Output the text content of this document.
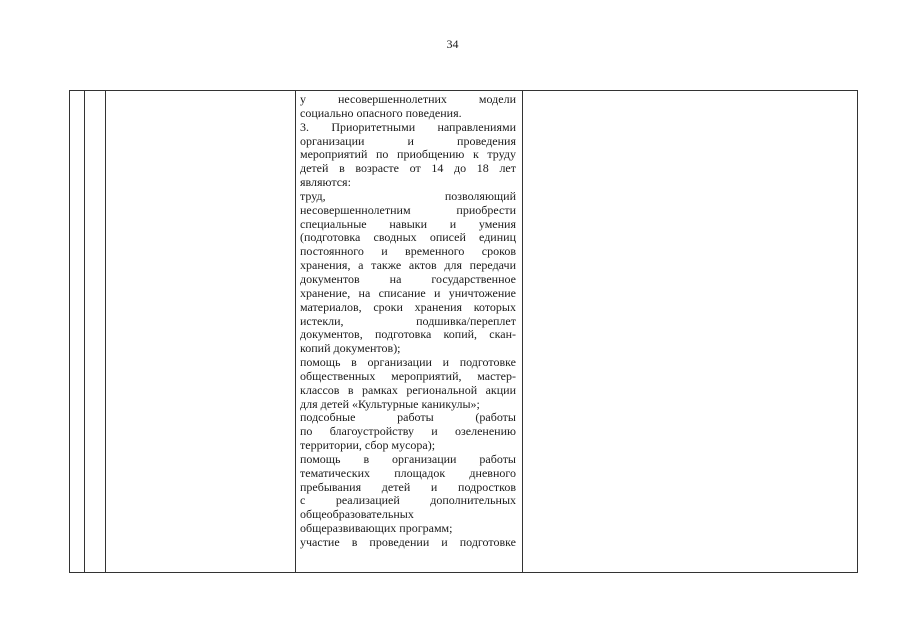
34
у несовершеннолетних модели
социально опасного поведения.
3. Приоритетными направлениями
организации и проведения
мероприятий по приобщению к труду
детей в возрасте от 14 до 18 лет
являются:
труд, позволяющий
несовершеннолетним приобрести
специальные навыки и умения
(подготовка сводных описей единиц
постоянного и временного сроков
хранения, а также актов для передачи
документов на государственное
хранение, на списание и уничтожение
материалов, сроки хранения которых
истекли, подшивка/переплет
документов, подготовка копий, скан-
копий документов);
помощь в организации и подготовке
общественных мероприятий, мастер-
классов в рамках региональной акции
для детей «Культурные каникулы»;
подсобные работы (работы
по благоустройству и озеленению
территории, сбор мусора);
помощь в организации работы
тематических площадок дневного
пребывания детей и подростков
с реализацией дополнительных
общеобразовательных
общеразвивающих программ;
участие в проведении и подготовке
